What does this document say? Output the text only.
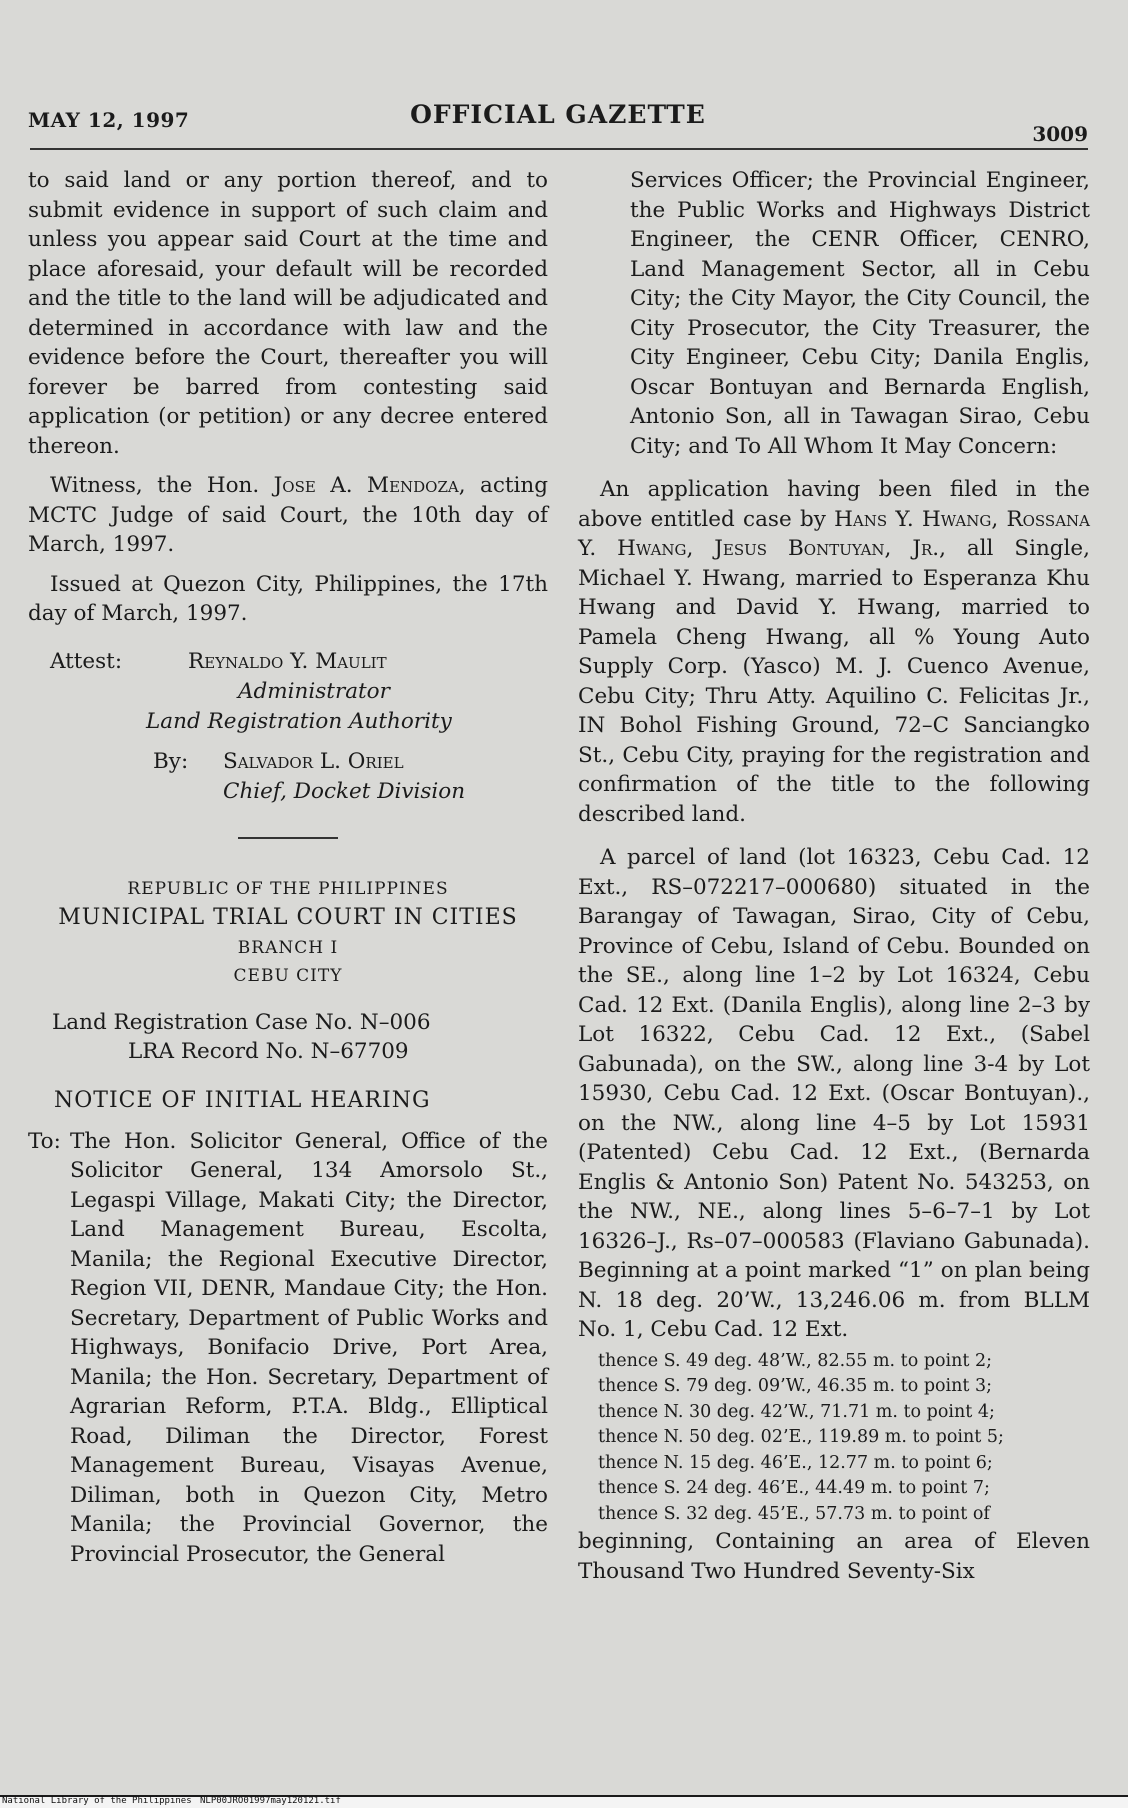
MAY 12, 1997	OFFICIAL GAZETTE
3009

to said land or any portion thereof, and to submit evidence in support of such claim and unless you appear said Court at the time and place aforesaid, your default will be recorded and the title to the land will be adjudicated and determined in accordance with law and the evidence before the Court, thereafter you will forever be barred from contesting said application (or petition) or any decree entered thereon.

Witness, the Hon. Jose A. Mendoza, acting MCTC Judge of said Court, the 10th day of March, 1997.

Issued at Quezon City, Philippines, the 17th day of March, 1997.

Attest:	Reynaldo Y. Maulit
Administrator
Land Registration Authority
By: Salvador L. Oriel
Chief, Docket Division
REPUBLIC OF THE PHILIPPINES
MUNICIPAL TRIAL COURT IN CITIES
BRANCH I
CEBU CITY
Land Registration Case No. N–006
LRA Record No. N–67709
NOTICE OF INITIAL HEARING
To: The Hon. Solicitor General, Office of the Solicitor General, 134 Amorsolo St., Legaspi Village, Makati City; the Director, Land Management Bureau, Escolta, Manila; the Regional Executive Director, Region VII, DENR, Mandaue City; the Hon. Secretary, Department of Public Works and Highways, Bonifacio Drive, Port Area, Manila; the Hon. Secretary, Department of Agrarian Reform, P.T.A. Bldg., Elliptical Road, Diliman the Director, Forest Management Bureau, Visayas Avenue, Diliman, both in Quezon City, Metro Manila; the Provincial Governor, the Provincial Prosecutor, the General

Services Officer; the Provincial Engineer, the Public Works and Highways District Engineer, the CENR Officer, CENRO, Land Management Sector, all in Cebu City; the City Mayor, the City Council, the City Prosecutor, the City Treasurer, the City Engineer, Cebu City; Danila Englis, Oscar Bontuyan and Bernarda English, Antonio Son, all in Tawagan Sirao, Cebu City; and To All Whom It May Concern:

An application having been filed in the above entitled case by Hans Y. Hwang, Rossana Y. Hwang, Jesus Bontuyan, Jr., all Single, Michael Y. Hwang, married to Esperanza Khu Hwang and David Y. Hwang, married to Pamela Cheng Hwang, all % Young Auto Supply Corp. (Yasco) M. J. Cuenco Avenue, Cebu City; Thru Atty. Aquilino C. Felicitas Jr., IN Bohol Fishing Ground, 72–C Sanciangko St., Cebu City, praying for the registration and confirmation of the title to the following described land.

A parcel of land (lot 16323, Cebu Cad. 12 Ext., RS–072217–000680) situated in the Barangay of Tawagan, Sirao, City of Cebu, Province of Cebu, Island of Cebu. Bounded on the SE., along line 1–2 by Lot 16324, Cebu Cad. 12 Ext. (Danila Englis), along line 2–3 by Lot 16322, Cebu Cad. 12 Ext., (Sabel Gabunada), on the SW., along line 3-4 by Lot 15930, Cebu Cad. 12 Ext. (Oscar Bontuyan)., on the NW., along line 4–5 by Lot 15931 (Patented) Cebu Cad. 12 Ext., (Bernarda Englis & Antonio Son) Patent No. 543253, on the NW., NE., along lines 5–6–7–1 by Lot 16326–J., Rs–07–000583 (Flaviano Gabunada). Beginning at a point marked “1” on plan being N. 18 deg. 20’W., 13,246.06 m. from BLLM No. 1, Cebu Cad. 12 Ext.

thence S. 49 deg. 48’W., 82.55 m. to point 2;
thence S. 79 deg. 09’W., 46.35 m. to point 3;
thence N. 30 deg. 42’W., 71.71 m. to point 4;
thence N. 50 deg. 02’E., 119.89 m. to point 5;
thence N. 15 deg. 46’E., 12.77 m. to point 6;
thence S. 24 deg. 46’E., 44.49 m. to point 7;
thence S. 32 deg. 45’E., 57.73 m. to point of

beginning, Containing an area of Eleven Thousand Two Hundred Seventy-Six

National Library of the Philippines NLP00JRO01997may120121.tif
